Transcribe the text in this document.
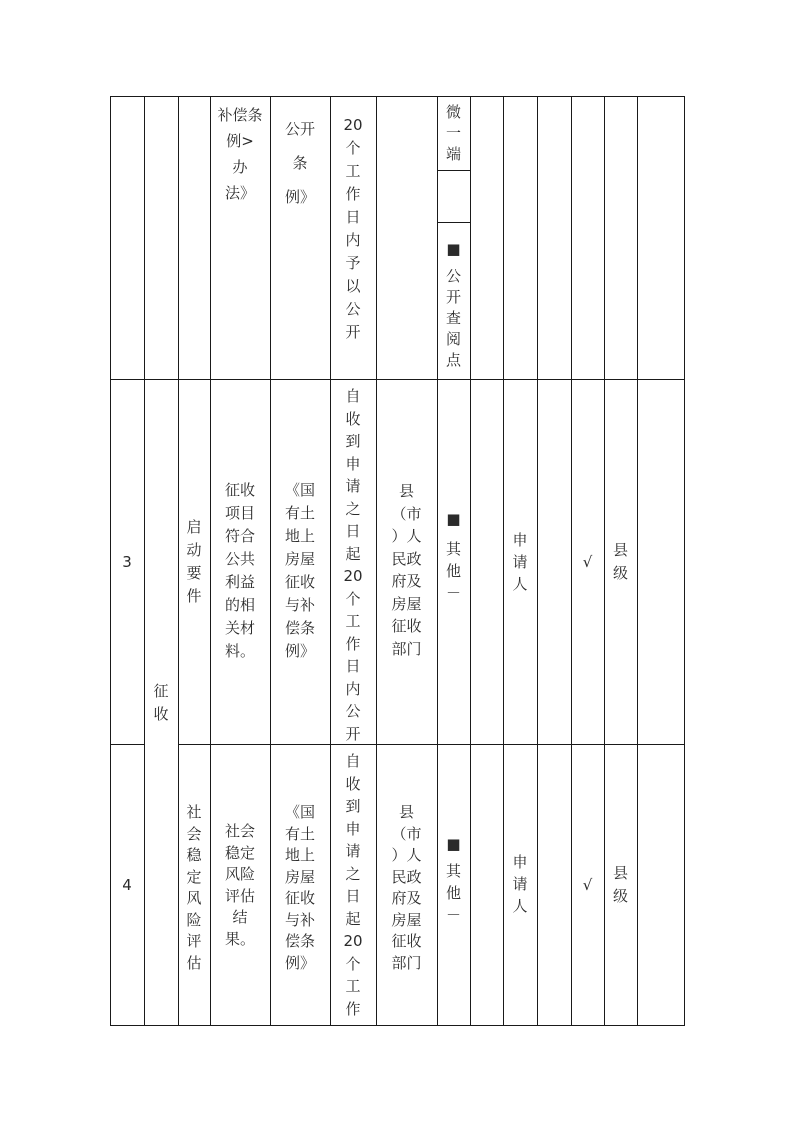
补偿条
例>
办
法》
公开
条
例》
20
个
工
作
日
内
予
以
公
开
微
一
端
■
公
开
查
阅
点
3
征
收
启
动
要
件
征收
项目
符合
公共
利益
的相
关材
料。
《国
有土
地上
房屋
征收
与补
偿条
例》
自
收
到
申
请
之
日
起
20
个
工
作
日
内
公
开
县
（市
）人
民政
府及
房屋
征收
部门
■
其
他
－
申
请
人
√
县
级
4
社
会
稳
定
风
险
评
估
社会
稳定
风险
评估
结
果。
《国
有土
地上
房屋
征收
与补
偿条
例》
自
收
到
申
请
之
日
起
20
个
工
作
县
（市
）人
民政
府及
房屋
征收
部门
■
其
他
－
申
请
人
√
县
级
